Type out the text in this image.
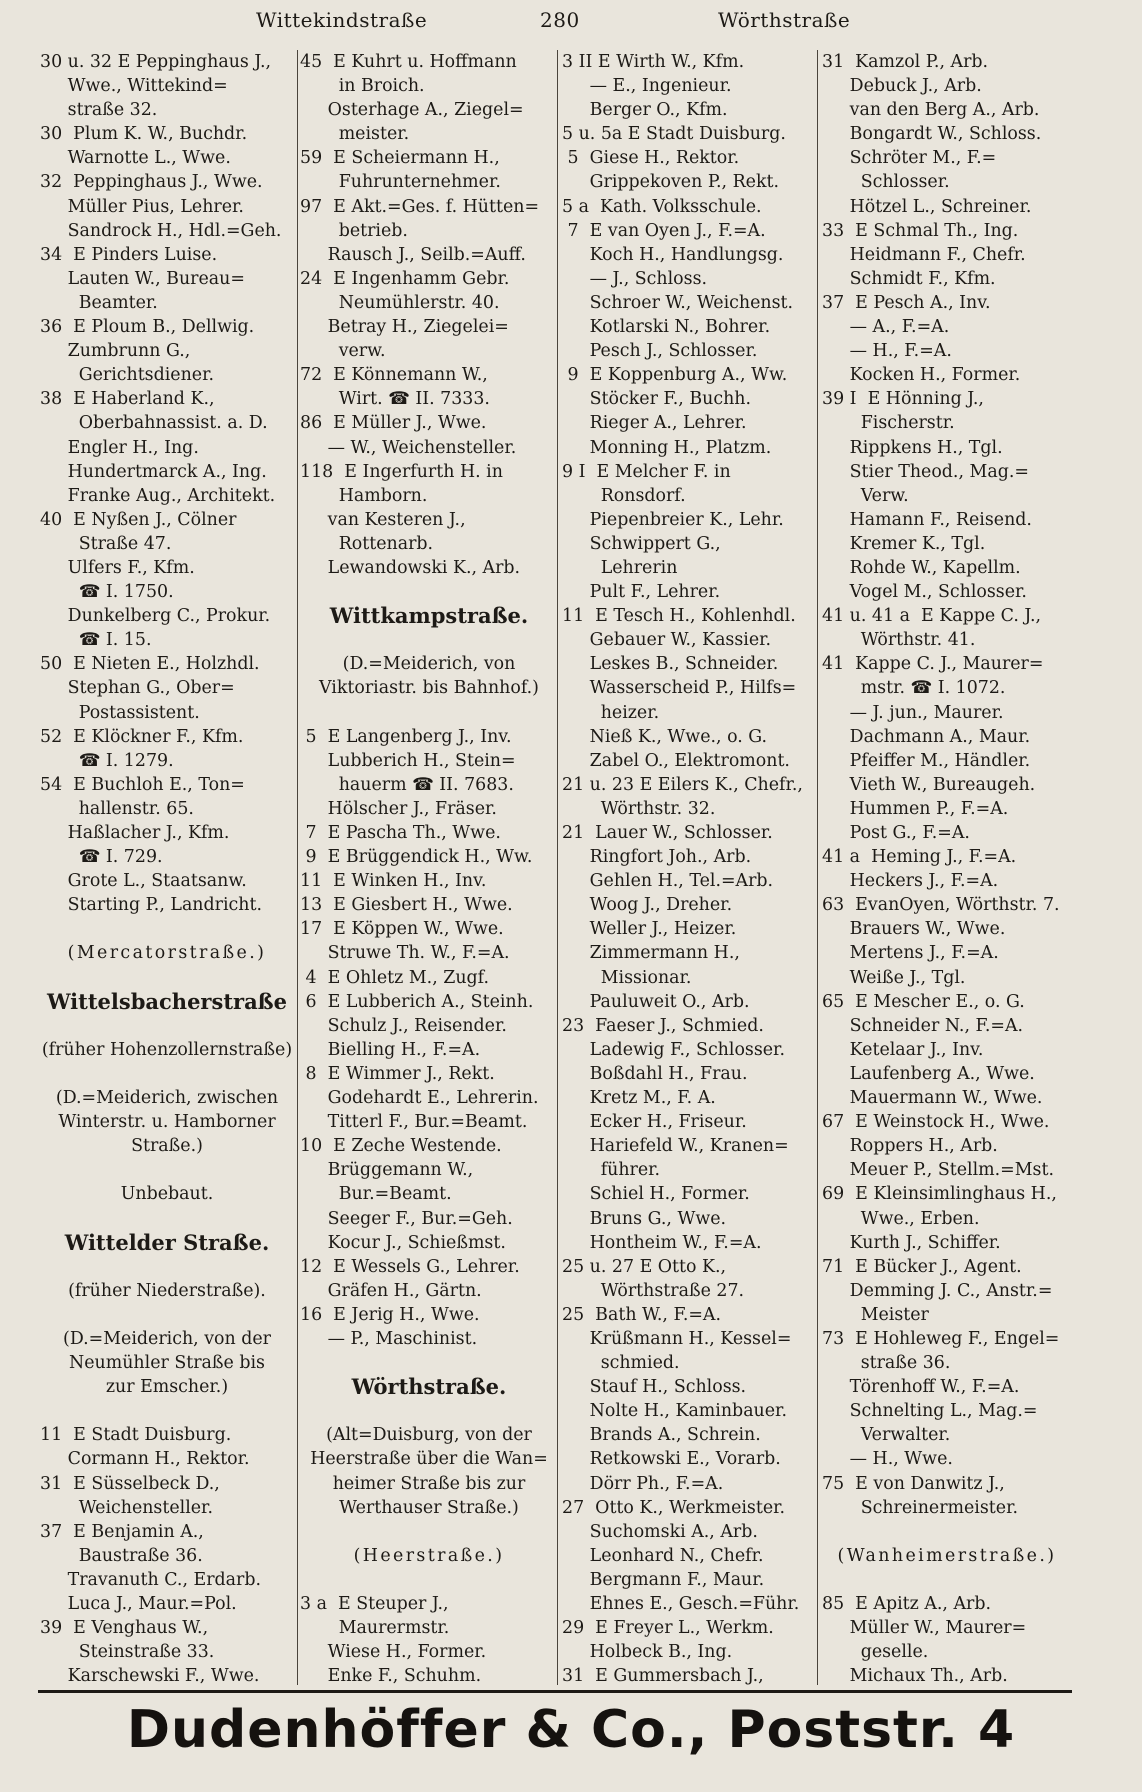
Wittekindstraße	280	Wörthstraße
30 u. 32 E Peppinghaus J.,
Wwe., Wittekind=
straße 32.
30  Plum K. W., Buchdr.
Warnotte L., Wwe.
32  Peppinghaus J., Wwe.
Müller Pius, Lehrer.
Sandrock H., Hdl.=Geh.
34  E Pinders Luise.
Lauten W., Bureau=
Beamter.
36  E Ploum B., Dellwig.
Zumbrunn G.,
Gerichtsdiener.
38  E Haberland K.,
Oberbahnassist. a. D.
Engler H., Ing.
Hundertmarck A., Ing.
Franke Aug., Architekt.
40  E Nyßen J., Cölner
Straße 47.
Ulfers F., Kfm.
☎ I. 1750.
Dunkelberg C., Prokur.
☎ I. 15.
50  E Nieten E., Holzhdl.
Stephan G., Ober=
Postassistent.
52  E Klöckner F., Kfm.
☎ I. 1279.
54  E Buchloh E., Ton=
hallenstr. 65.
Haßlacher J., Kfm.
☎ I. 729.
Grote L., Staatsanw.
Starting P., Landricht.
(Mercatorstraße.)
Wittelsbacherstraße
(früher Hohenzollernstraße)
(D.=Meiderich, zwischen
Winterstr. u. Hamborner
Straße.)
Unbebaut.
Wittelder Straße.
(früher Niederstraße).
(D.=Meiderich, von der
Neumühler Straße bis
zur Emscher.)
11  E Stadt Duisburg.
Cormann H., Rektor.
31  E Süsselbeck D.,
Weichensteller.
37  E Benjamin A.,
Baustraße 36.
Travanuth C., Erdarb.
Luca J., Maur.=Pol.
39  E Venghaus W.,
Steinstraße 33.
Karschewski F., Wwe.
45  E Kuhrt u. Hoffmann
in Broich.
Osterhage A., Ziegel=
meister.
59  E Scheiermann H.,
Fuhrunternehmer.
97  E Akt.=Ges. f. Hütten=
betrieb.
Rausch J., Seilb.=Auff.
24  E Ingenhamm Gebr.
Neumühlerstr. 40.
Betray H., Ziegelei=
verw.
72  E Könnemann W.,
Wirt. ☎ II. 7333.
86  E Müller J., Wwe.
— W., Weichensteller.
118  E Ingerfurth H. in
Hamborn.
van Kesteren J.,
Rottenarb.
Lewandowski K., Arb.
Wittkampstraße.
(D.=Meiderich, von
Viktoriastr. bis Bahnhof.)
5  E Langenberg J., Inv.
Lubberich H., Stein=
hauerm ☎ II. 7683.
Hölscher J., Fräser.
7  E Pascha Th., Wwe.
9  E Brüggendick H., Ww.
11  E Winken H., Inv.
13  E Giesbert H., Wwe.
17  E Köppen W., Wwe.
Struwe Th. W., F.=A.
4  E Ohletz M., Zugf.
6  E Lubberich A., Steinh.
Schulz J., Reisender.
Bielling H., F.=A.
8  E Wimmer J., Rekt.
Godehardt E., Lehrerin.
Titterl F., Bur.=Beamt.
10  E Zeche Westende.
Brüggemann W.,
Bur.=Beamt.
Seeger F., Bur.=Geh.
Kocur J., Schießmst.
12  E Wessels G., Lehrer.
Gräfen H., Gärtn.
16  E Jerig H., Wwe.
— P., Maschinist.
Wörthstraße.
(Alt=Duisburg, von der
Heerstraße über die Wan=
heimer Straße bis zur
Werthauser Straße.)
(Heerstraße.)
3 a  E Steuper J.,
Maurermstr.
Wiese H., Former.
Enke F., Schuhm.
3 II E Wirth W., Kfm.
— E., Ingenieur.
Berger O., Kfm.
5 u. 5a E Stadt Duisburg.
5  Giese H., Rektor.
Grippekoven P., Rekt.
5 a  Kath. Volksschule.
7  E van Oyen J., F.=A.
Koch H., Handlungsg.
— J., Schloss.
Schroer W., Weichenst.
Kotlarski N., Bohrer.
Pesch J., Schlosser.
9  E Koppenburg A., Ww.
Stöcker F., Buchh.
Rieger A., Lehrer.
Monning H., Platzm.
9 I  E Melcher F. in
Ronsdorf.
Piepenbreier K., Lehr.
Schwippert G.,
Lehrerin
Pult F., Lehrer.
11  E Tesch H., Kohlenhdl.
Gebauer W., Kassier.
Leskes B., Schneider.
Wasserscheid P., Hilfs=
heizer.
Nieß K., Wwe., o. G.
Zabel O., Elektromont.
21 u. 23 E Eilers K., Chefr.,
Wörthstr. 32.
21  Lauer W., Schlosser.
Ringfort Joh., Arb.
Gehlen H., Tel.=Arb.
Woog J., Dreher.
Weller J., Heizer.
Zimmermann H.,
Missionar.
Pauluweit O., Arb.
23  Faeser J., Schmied.
Ladewig F., Schlosser.
Boßdahl H., Frau.
Kretz M., F. A.
Ecker H., Friseur.
Hariefeld W., Kranen=
führer.
Schiel H., Former.
Bruns G., Wwe.
Hontheim W., F.=A.
25 u. 27 E Otto K.,
Wörthstraße 27.
25  Bath W., F.=A.
Krüßmann H., Kessel=
schmied.
Stauf H., Schloss.
Nolte H., Kaminbauer.
Brands A., Schrein.
Retkowski E., Vorarb.
Dörr Ph., F.=A.
27  Otto K., Werkmeister.
Suchomski A., Arb.
Leonhard N., Chefr.
Bergmann F., Maur.
Ehnes E., Gesch.=Führ.
29  E Freyer L., Werkm.
Holbeck B., Ing.
31  E Gummersbach J.,
31  Kamzol P., Arb.
Debuck J., Arb.
van den Berg A., Arb.
Bongardt W., Schloss.
Schröter M., F.=
Schlosser.
Hötzel L., Schreiner.
33  E Schmal Th., Ing.
Heidmann F., Chefr.
Schmidt F., Kfm.
37  E Pesch A., Inv.
— A., F.=A.
— H., F.=A.
Kocken H., Former.
39 I  E Hönning J.,
Fischerstr.
Rippkens H., Tgl.
Stier Theod., Mag.=
Verw.
Hamann F., Reisend.
Kremer K., Tgl.
Rohde W., Kapellm.
Vogel M., Schlosser.
41 u. 41 a  E Kappe C. J.,
Wörthstr. 41.
41  Kappe C. J., Maurer=
mstr. ☎ I. 1072.
— J. jun., Maurer.
Dachmann A., Maur.
Pfeiffer M., Händler.
Vieth W., Bureaugeh.
Hummen P., F.=A.
Post G., F.=A.
41 a  Heming J., F.=A.
Heckers J., F.=A.
63  EvanOyen, Wörthstr. 7.
Brauers W., Wwe.
Mertens J., F.=A.
Weiße J., Tgl.
65  E Mescher E., o. G.
Schneider N., F.=A.
Ketelaar J., Inv.
Laufenberg A., Wwe.
Mauermann W., Wwe.
67  E Weinstock H., Wwe.
Roppers H., Arb.
Meuer P., Stellm.=Mst.
69  E Kleinsimlinghaus H.,
Wwe., Erben.
Kurth J., Schiffer.
71  E Bücker J., Agent.
Demming J. C., Anstr.=
Meister
73  E Hohleweg F., Engel=
straße 36.
Törenhoff W., F.=A.
Schnelting L., Mag.=
Verwalter.
— H., Wwe.
75  E von Danwitz J.,
Schreinermeister.
(Wanheimerstraße.)
85  E Apitz A., Arb.
Müller W., Maurer=
geselle.
Michaux Th., Arb.
Dudenhöffer & Co., Poststr. 4
